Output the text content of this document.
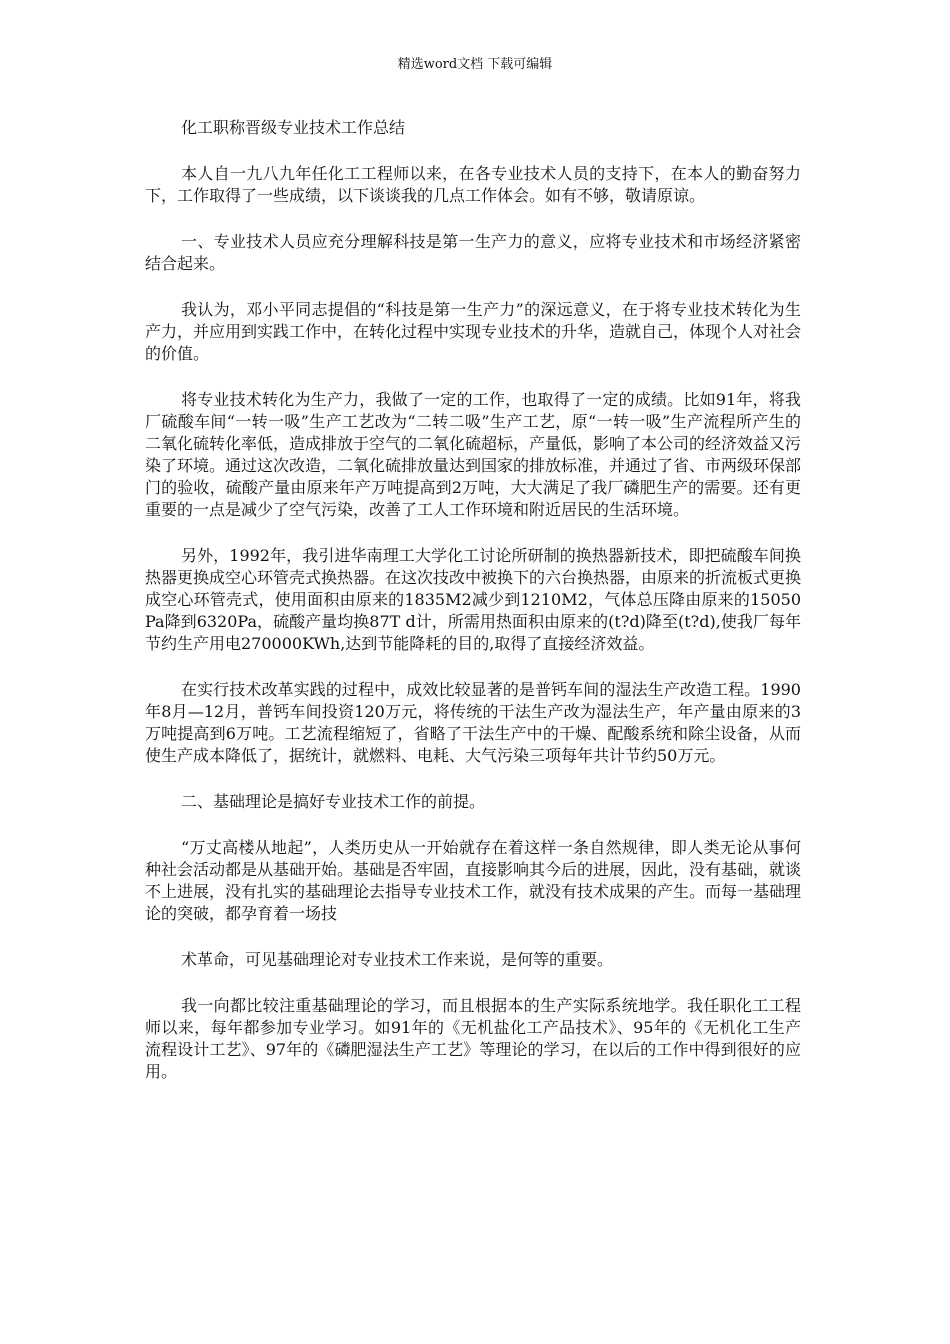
精选word文档 下载可编辑

化工职称晋级专业技术工作总结

本人自一九八九年任化工工程师以来，在各专业技术人员的支持下，在本人的勤奋努力下，工作取得了一些成绩，以下谈谈我的几点工作体会。如有不够，敬请原谅。

一、专业技术人员应充分理解科技是第一生产力的意义，应将专业技术和市场经济紧密结合起来。

我认为，邓小平同志提倡的“科技是第一生产力”的深远意义，在于将专业技术转化为生产力，并应用到实践工作中，在转化过程中实现专业技术的升华，造就自己，体现个人对社会的价值。

将专业技术转化为生产力，我做了一定的工作，也取得了一定的成绩。比如91年，将我厂硫酸车间“一转一吸”生产工艺改为“二转二吸”生产工艺，原“一转一吸”生产流程所产生的二氧化硫转化率低，造成排放于空气的二氧化硫超标，产量低，影响了本公司的经济效益又污染了环境。通过这次改造，二氧化硫排放量达到国家的排放标准，并通过了省、市两级环保部门的验收，硫酸产量由原来年产万吨提高到2万吨，大大满足了我厂磷肥生产的需要。还有更重要的一点是减少了空气污染，改善了工人工作环境和附近居民的生活环境。

另外，1992年，我引进华南理工大学化工讨论所研制的换热器新技术，即把硫酸车间换热器更换成空心环管壳式换热器。在这次技改中被换下的六台换热器，由原来的折流板式更换成空心环管壳式，使用面积由原来的1835M2减少到1210M2，气体总压降由原来的15050Pa降到6320Pa，硫酸产量均换87T d计，所需用热面积由原来的(t?d)降至(t?d),使我厂每年节约生产用电270000KWh,达到节能降耗的目的,取得了直接经济效益。

在实行技术改革实践的过程中，成效比较显著的是普钙车间的湿法生产改造工程。1990年8月—12月，普钙车间投资120万元，将传统的干法生产改为湿法生产，年产量由原来的3万吨提高到6万吨。工艺流程缩短了，省略了干法生产中的干燥、配酸系统和除尘设备，从而使生产成本降低了，据统计，就燃料、电耗、大气污染三项每年共计节约50万元。

二、基础理论是搞好专业技术工作的前提。

“万丈高楼从地起”，人类历史从一开始就存在着这样一条自然规律，即人类无论从事何种社会活动都是从基础开始。基础是否牢固，直接影响其今后的进展，因此，没有基础，就谈不上进展，没有扎实的基础理论去指导专业技术工作，就没有技术成果的产生。而每一基础理论的突破，都孕育着一场技

术革命，可见基础理论对专业技术工作来说，是何等的重要。

我一向都比较注重基础理论的学习，而且根据本的生产实际系统地学。我任职化工工程师以来，每年都参加专业学习。如91年的《无机盐化工产品技术》、95年的《无机化工生产流程设计工艺》、97年的《磷肥湿法生产工艺》等理论的学习，在以后的工作中得到很好的应用。
